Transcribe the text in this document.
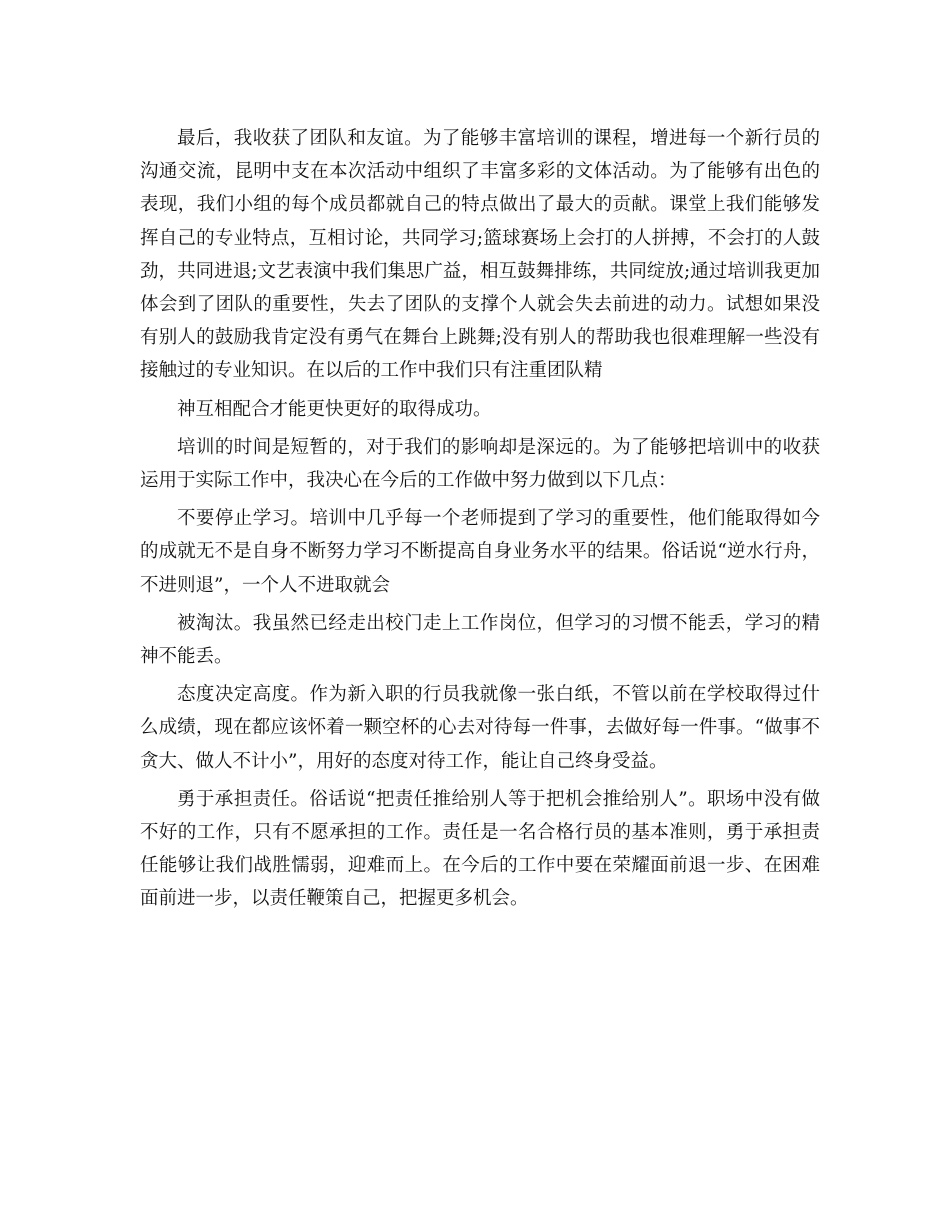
最后，我收获了团队和友谊。为了能够丰富培训的课程，增进每一个新行员的沟通交流，昆明中支在本次活动中组织了丰富多彩的文体活动。为了能够有出色的表现，我们小组的每个成员都就自己的特点做出了最大的贡献。课堂上我们能够发挥自己的专业特点，互相讨论，共同学习;篮球赛场上会打的人拼搏，不会打的人鼓劲，共同进退;文艺表演中我们集思广益，相互鼓舞排练，共同绽放;通过培训我更加体会到了团队的重要性，失去了团队的支撑个人就会失去前进的动力。试想如果没有别人的鼓励我肯定没有勇气在舞台上跳舞;没有别人的帮助我也很难理解一些没有接触过的专业知识。在以后的工作中我们只有注重团队精

神互相配合才能更快更好的取得成功。

培训的时间是短暂的，对于我们的影响却是深远的。为了能够把培训中的收获运用于实际工作中，我决心在今后的工作做中努力做到以下几点：

不要停止学习。培训中几乎每一个老师提到了学习的重要性，他们能取得如今的成就无不是自身不断努力学习不断提高自身业务水平的结果。俗话说“逆水行舟，不进则退”，一个人不进取就会

被淘汰。我虽然已经走出校门走上工作岗位，但学习的习惯不能丢，学习的精神不能丢。

态度决定高度。作为新入职的行员我就像一张白纸，不管以前在学校取得过什么成绩，现在都应该怀着一颗空杯的心去对待每一件事，去做好每一件事。“做事不贪大、做人不计小”，用好的态度对待工作，能让自己终身受益。

勇于承担责任。俗话说“把责任推给别人等于把机会推给别人”。职场中没有做不好的工作，只有不愿承担的工作。责任是一名合格行员的基本准则，勇于承担责任能够让我们战胜懦弱，迎难而上。在今后的工作中要在荣耀面前退一步、在困难面前进一步，以责任鞭策自己，把握更多机会。
